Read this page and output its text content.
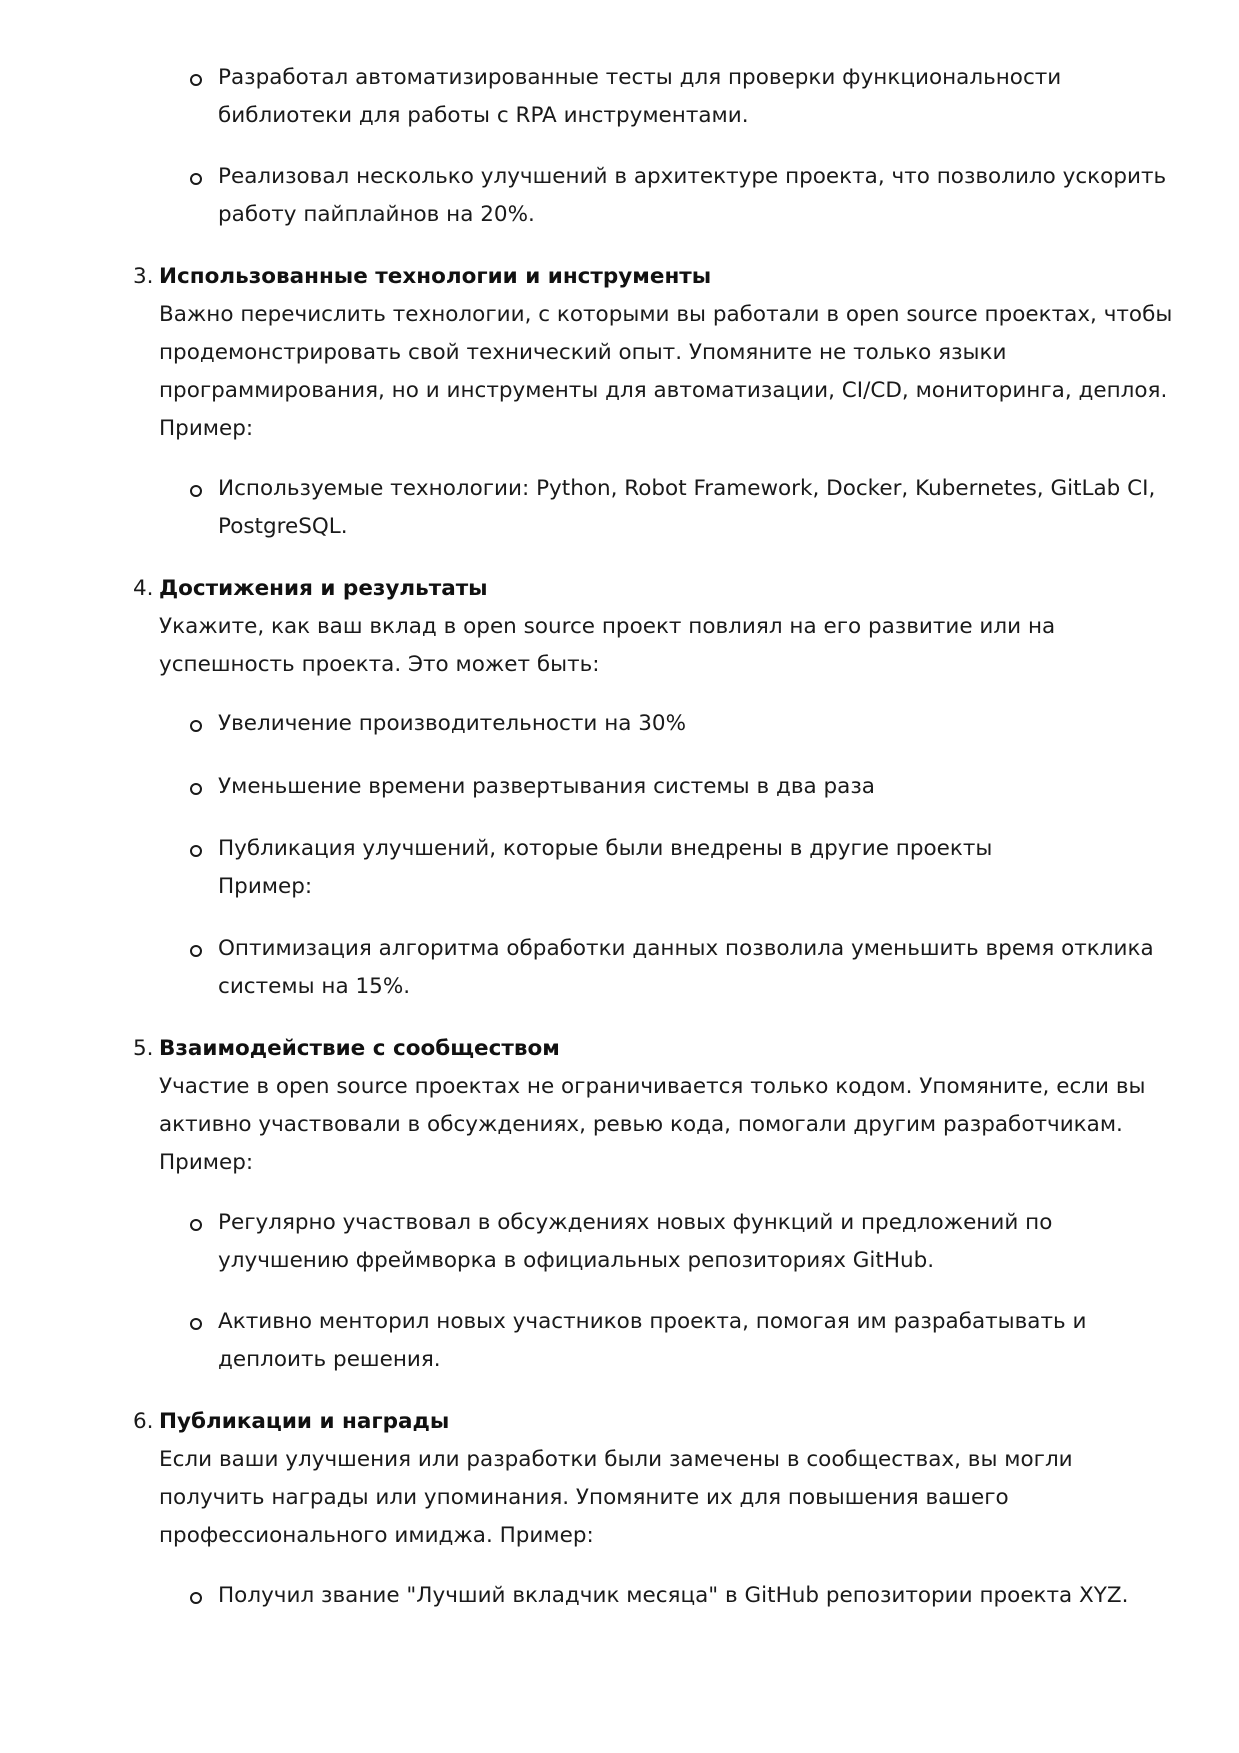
Разработал автоматизированные тесты для проверки функциональности
библиотеки для работы с RPA инструментами.
Реализовал несколько улучшений в архитектуре проекта, что позволило ускорить
работу пайплайнов на 20%.
3. Использованные технологии и инструменты
Важно перечислить технологии, с которыми вы работали в open source проектах, чтобы
продемонстрировать свой технический опыт. Упомяните не только языки
программирования, но и инструменты для автоматизации, CI/CD, мониторинга, деплоя.
Пример:
Используемые технологии: Python, Robot Framework, Docker, Kubernetes, GitLab CI,
PostgreSQL.
4. Достижения и результаты
Укажите, как ваш вклад в open source проект повлиял на его развитие или на
успешность проекта. Это может быть:
Увеличение производительности на 30%
Уменьшение времени развертывания системы в два раза
Публикация улучшений, которые были внедрены в другие проекты
Пример:
Оптимизация алгоритма обработки данных позволила уменьшить время отклика
системы на 15%.
5. Взаимодействие с сообществом
Участие в open source проектах не ограничивается только кодом. Упомяните, если вы
активно участвовали в обсуждениях, ревью кода, помогали другим разработчикам.
Пример:
Регулярно участвовал в обсуждениях новых функций и предложений по
улучшению фреймворка в официальных репозиториях GitHub.
Активно менторил новых участников проекта, помогая им разрабатывать и
деплоить решения.
6. Публикации и награды
Если ваши улучшения или разработки были замечены в сообществах, вы могли
получить награды или упоминания. Упомяните их для повышения вашего
профессионального имиджа. Пример:
Получил звание "Лучший вкладчик месяца" в GitHub репозитории проекта XYZ.
